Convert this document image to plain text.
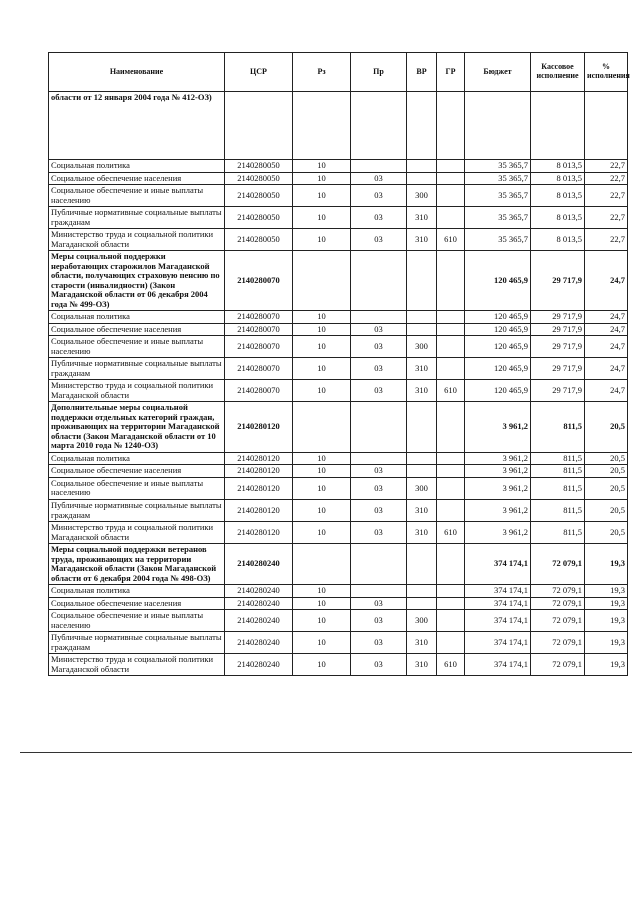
Наименование	ЦСР	Рз	Пр	ВР	ГР	Бюджет	Кассовое исполнение	% исполнения
области от 12 января 2004 года № 412-ОЗ)								
Социальная политика	2140280050	10				35 365,7	8 013,5	22,7
Социальное обеспечение населения	2140280050	10	03			35 365,7	8 013,5	22,7
Социальное обеспечение и иные выплаты населению	2140280050	10	03	300		35 365,7	8 013,5	22,7
Публичные нормативные социальные выплаты гражданам	2140280050	10	03	310		35 365,7	8 013,5	22,7
Министерство труда и социальной политики Магаданской области	2140280050	10	03	310	610	35 365,7	8 013,5	22,7
Меры социальной поддержки неработающих старожилов Магаданской области, получающих страховую пенсию по старости (инвалидности) (Закон Магаданской области от 06 декабря 2004 года № 499-ОЗ)	2140280070					120 465,9	29 717,9	24,7
Социальная политика	2140280070	10				120 465,9	29 717,9	24,7
Социальное обеспечение населения	2140280070	10	03			120 465,9	29 717,9	24,7
Социальное обеспечение и иные выплаты населению	2140280070	10	03	300		120 465,9	29 717,9	24,7
Публичные нормативные социальные выплаты гражданам	2140280070	10	03	310		120 465,9	29 717,9	24,7
Министерство труда и социальной политики Магаданской области	2140280070	10	03	310	610	120 465,9	29 717,9	24,7
Дополнительные меры социальной поддержки отдельных категорий граждан, проживающих на территории Магаданской области (Закон Магаданской области от 10 марта 2010 года № 1240-ОЗ)	2140280120					3 961,2	811,5	20,5
Социальная политика	2140280120	10				3 961,2	811,5	20,5
Социальное обеспечение населения	2140280120	10	03			3 961,2	811,5	20,5
Социальное обеспечение и иные выплаты населению	2140280120	10	03	300		3 961,2	811,5	20,5
Публичные нормативные социальные выплаты гражданам	2140280120	10	03	310		3 961,2	811,5	20,5
Министерство труда и социальной политики Магаданской области	2140280120	10	03	310	610	3 961,2	811,5	20,5
Меры социальной поддержки ветеранов труда, проживающих на территории Магаданской области (Закон Магаданской области от 6 декабря 2004 года № 498-ОЗ)	2140280240					374 174,1	72 079,1	19,3
Социальная политика	2140280240	10				374 174,1	72 079,1	19,3
Социальное обеспечение населения	2140280240	10	03			374 174,1	72 079,1	19,3
Социальное обеспечение и иные выплаты населению	2140280240	10	03	300		374 174,1	72 079,1	19,3
Публичные нормативные социальные выплаты гражданам	2140280240	10	03	310		374 174,1	72 079,1	19,3
Министерство труда и социальной политики Магаданской области	2140280240	10	03	310	610	374 174,1	72 079,1	19,3
